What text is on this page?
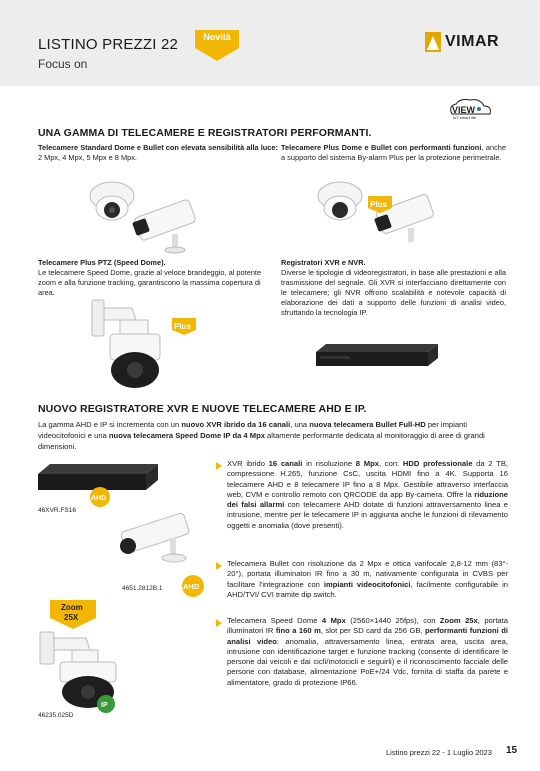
LISTINO PREZZI 22
Focus on
Novità	VIMAR
VIEW
IoT smart life
UNA GAMMA DI TELECAMERE E REGISTRATORI PERFORMANTI.
Telecamere Standard Dome e Bullet con elevata sensibilità alla luce: 2 Mpx, 4 Mpx, 5 Mpx e 8 Mpx.
Telecamere Plus Dome e Bullet con performanti funzioni, anche a supporto del sistema By-alarm Plus per la protezione perimetrale.
Plus
Telecamere Plus PTZ (Speed Dome).
Le telecamere Speed Dome, grazie al veloce brandeggio, al potente zoom e alla funzione tracking, garantiscono la massima copertura di area.
Registratori XVR e NVR.
Diverse le tipologie di videoregistratori, in base alle prestazioni e alla trasmissione del segnale. Gli XVR si interfacciano direttamente con le telecamere; gli NVR offrono scalabilità e notevole capacità di elaborazione dei dati a supporto delle funzioni di analisi video, sfruttando la tecnologia IP.
Plus
NUOVO REGISTRATORE XVR E NUOVE TELECAMERE AHD E IP.
La gamma AHD e IP si incrementa con un nuovo XVR ibrido da 16 canali, una nuova telecamera Bullet Full-HD per impianti videocitofonici e una nuova telecamera Speed Dome IP da 4 Mpx altamente performante dedicata al monitoraggio di aree di grandi dimensioni.
AHD
46XVR.FS16
AHD
4651.2812B.1
Zoom
25X
IP
46235.025D
XVR ibrido 16 canali in risoluzione 8 Mpx, con: HDD professionale da 2 TB, compressione H.265, funzione CsC, uscita HDMI fino a 4K. Supporta 16 telecamere AHD e 8 telecamere IP fino a 8 Mpx. Gestibile attraverso interfaccia web, CVM e controllo remoto con QRCODE da app By-camera. Offre la riduzione dei falsi allarmi con telecamere AHD dotate di funzioni attraversamento linea e intrusione, mentre per le telecamere IP in aggiunta anche le funzioni di rilevamento oggetti e anomalia (dove presenti).
Telecamera Bullet con risoluzione da 2 Mpx e ottica varifocale 2,8-12 mm (83°- 20°), portata illuminatori IR fino a 30 m, nativamente configurata in CVBS per facilitare l'integrazione con impianti videocitofonici, facilmente configurabile in AHD/TVI/ CVI tramite dip switch.
Telecamera Speed Dome 4 Mpx (2560×1440 25fps), con Zoom 25x, portata illuminatori IR fino a 160 m, slot per SD card da 256 GB, performanti funzioni di analisi video: anomalia, attraversamento linea, entrata area, uscita area, intrusione con identificazione target e funzione tracking (consente di identificare le persone dai veicoli e dai ciclì/motocicli e seguirli) e il riconoscimento facciale delle persone con database, alimentazione PoE+/24 Vdc, fornita di staffa da parete e alimentatore, grado di protezione IP66.
Listino prezzi 22 - 1 Luglio 2023 15
